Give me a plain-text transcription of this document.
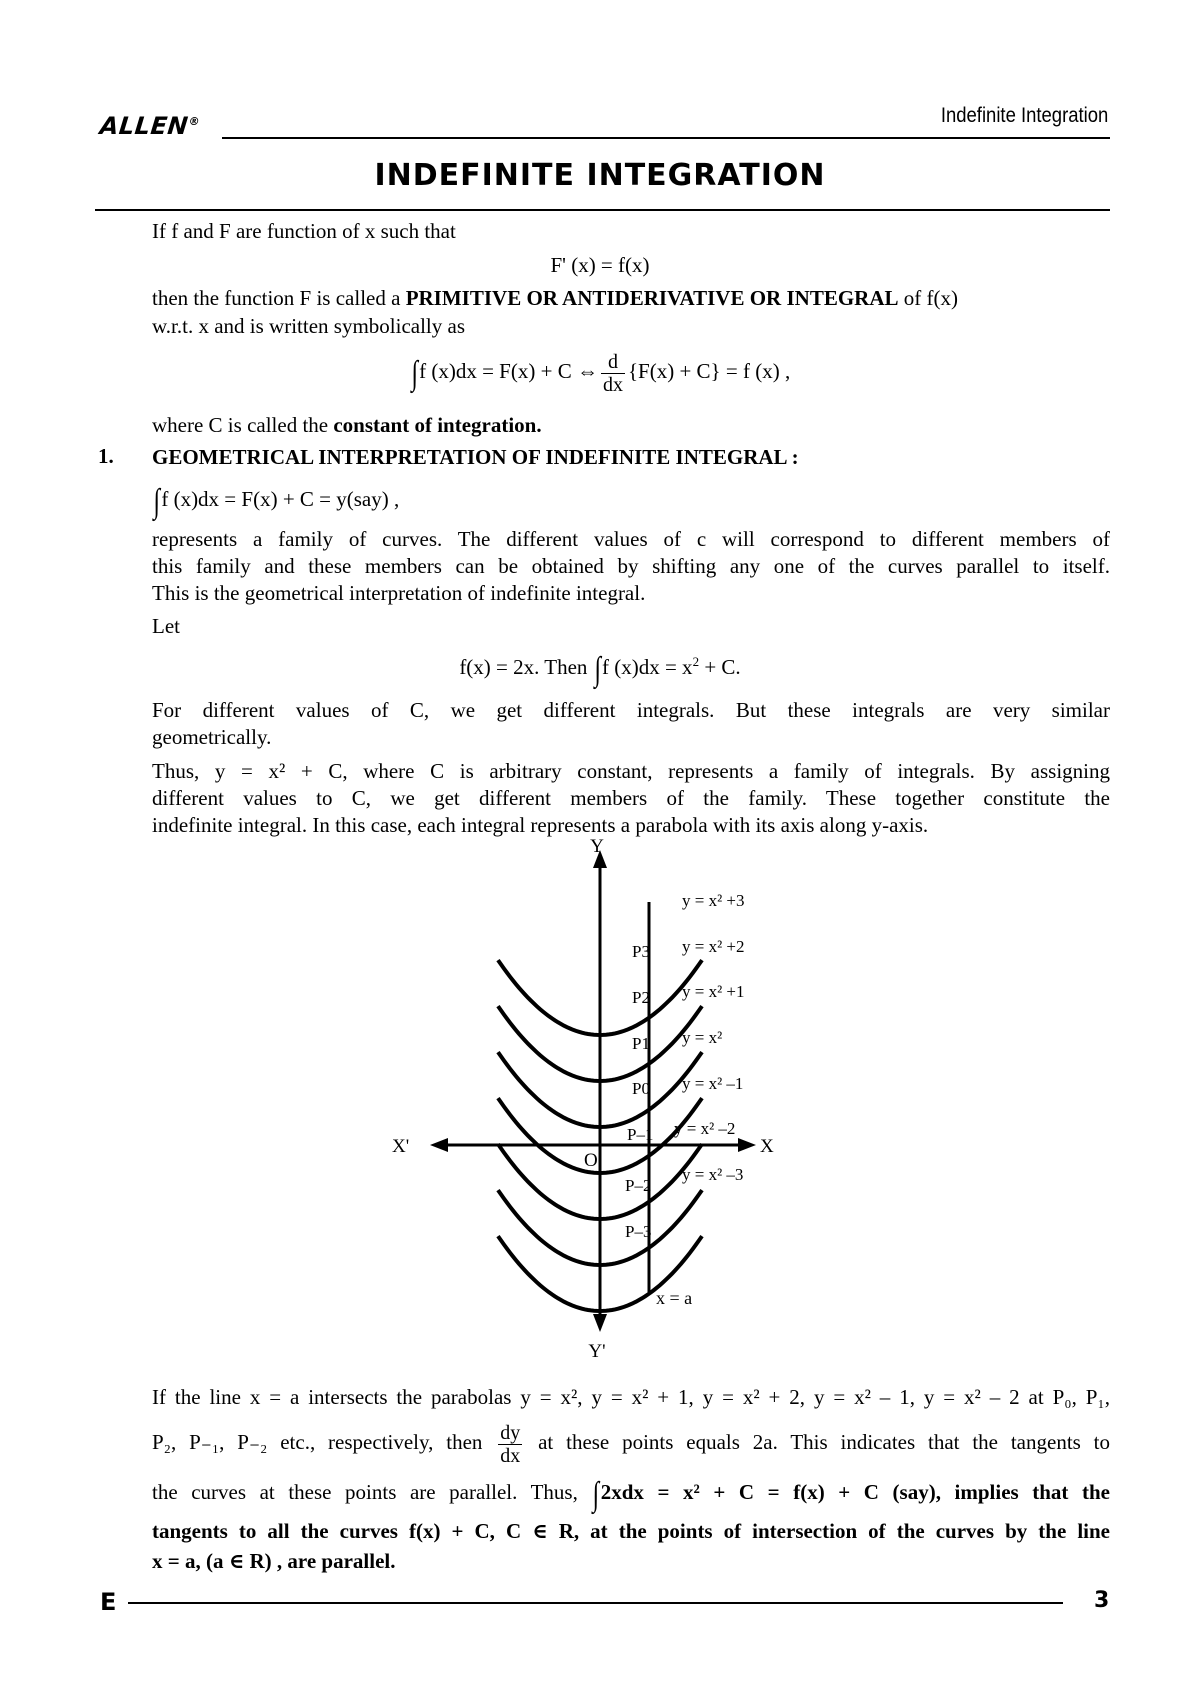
ALLEN®	Indefinite Integration
INDEFINITE INTEGRATION
If f and F are function of x such that
F' (x) = f(x)
then the function F is called a PRIMITIVE OR ANTIDERIVATIVE OR INTEGRAL of f(x)
w.r.t. x and is written symbolically as
∫f (x)dx = F(x) + C ⇔ $\frac{d}{dx} \{F(x) + C\} = f$ (x) ,
where C is called the constant of integration.
1. GEOMETRICAL INTERPRETATION OF INDEFINITE INTEGRAL :
∫f (x)dx = F(x) + C = y(say) ,
represents a family of curves. The different values of c will correspond to different members of
this family and these members can be obtained by shifting any one of the curves parallel to itself.
This is the geometrical interpretation of indefinite integral.
Let
f(x) = 2x. Then ∫f $(x)dx = x^2 + C$.
For different values of C, we get different integrals. But these integrals are very similar
geometrically.
Thus, y = x² + C, where C is arbitrary constant, represents a family of integrals. By assigning
different values to C, we get different members of the family. These together constitute the
indefinite integral. In this case, each integral represents a parabola with its axis along y-axis.
Y
Y'
X
X'
O
x = a
y = x² +3
y = x² +2
y = x² +1
y = x²
y = x² –1
y = x² –2
y = x² –3
P3
P2
P1
P0
P–1
P–2
P–3
If the line x = a intersects the parabolas y = x², y = x² + 1, y = x² + 2, y = x² – 1, y = x² – 2 at P₀, P₁,
P₂, P₋₁, P₋₂ etc., respectively, then $\frac{dy}{dx}$ at these points equals 2a. This indicates that the tangents to
the curves at these points are parallel. Thus, ∫2xdx = x² + C = f(x) + C (say), implies that the
tangents to all the curves f(x) + C, C ∈ R, at the points of intersection of the curves by the line
x = a, (a ∈ R) , are parallel.
E	3
